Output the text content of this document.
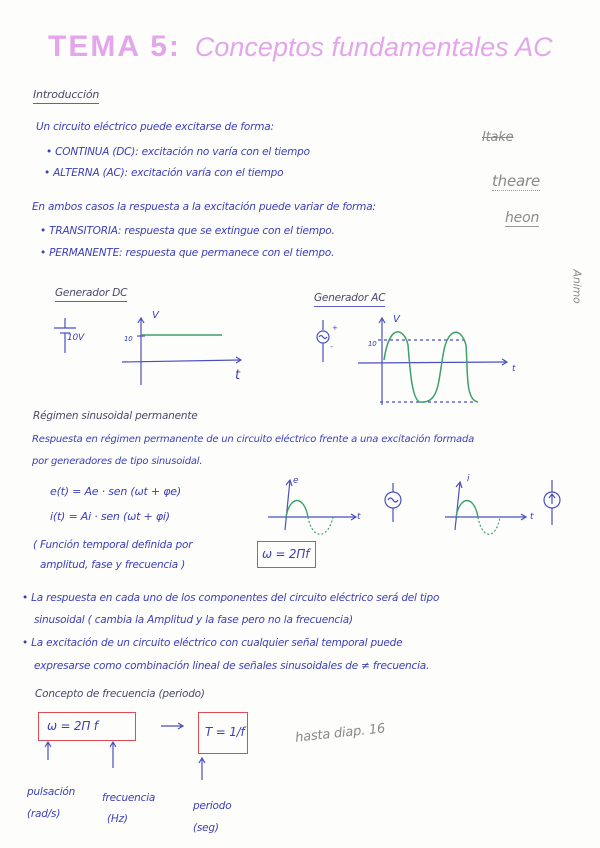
TEMA 5: Conceptos fundamentales AC
Introducción
Un circuito eléctrico puede excitarse de forma:
• CONTINUA (DC): excitación no varía con el tiempo
• ALTERNA (AC): excitación varía con el tiempo
En ambos casos la respuesta a la excitación puede variar de forma:
• TRANSITORIA: respuesta que se extingue con el tiempo.
• PERMANENTE: respuesta que permanece con el tiempo.
Itake
theare
heon
Animo
Generador DC	Generador AC
10V
V
10
t
V
10
t
+
-
Régimen sinusoidal permanente
Respuesta en régimen permanente de un circuito eléctrico frente a una excitación formada
por generadores de tipo sinusoidal.
e(t) = Ae · sen (ωt + φe)
i(t) = Ai · sen (ωt + φi)
e
t
i
t
( Función temporal definida por
amplitud, fase y frecuencia )
ω = 2Πf
• La respuesta en cada uno de los componentes del circuito eléctrico será del tipo
sinusoidal ( cambia la Amplitud y la fase pero no la frecuencia)
• La excitación de un circuito eléctrico con cualquier señal temporal puede
expresarse como combinación lineal de señales sinusoidales de ≠ frecuencia.
Concepto de frecuencia (periodo)
ω = 2Π f	T = 1/f	hasta diap. 16
pulsación
(rad/s)
frecuencia
(Hz)
periodo
(seg)
